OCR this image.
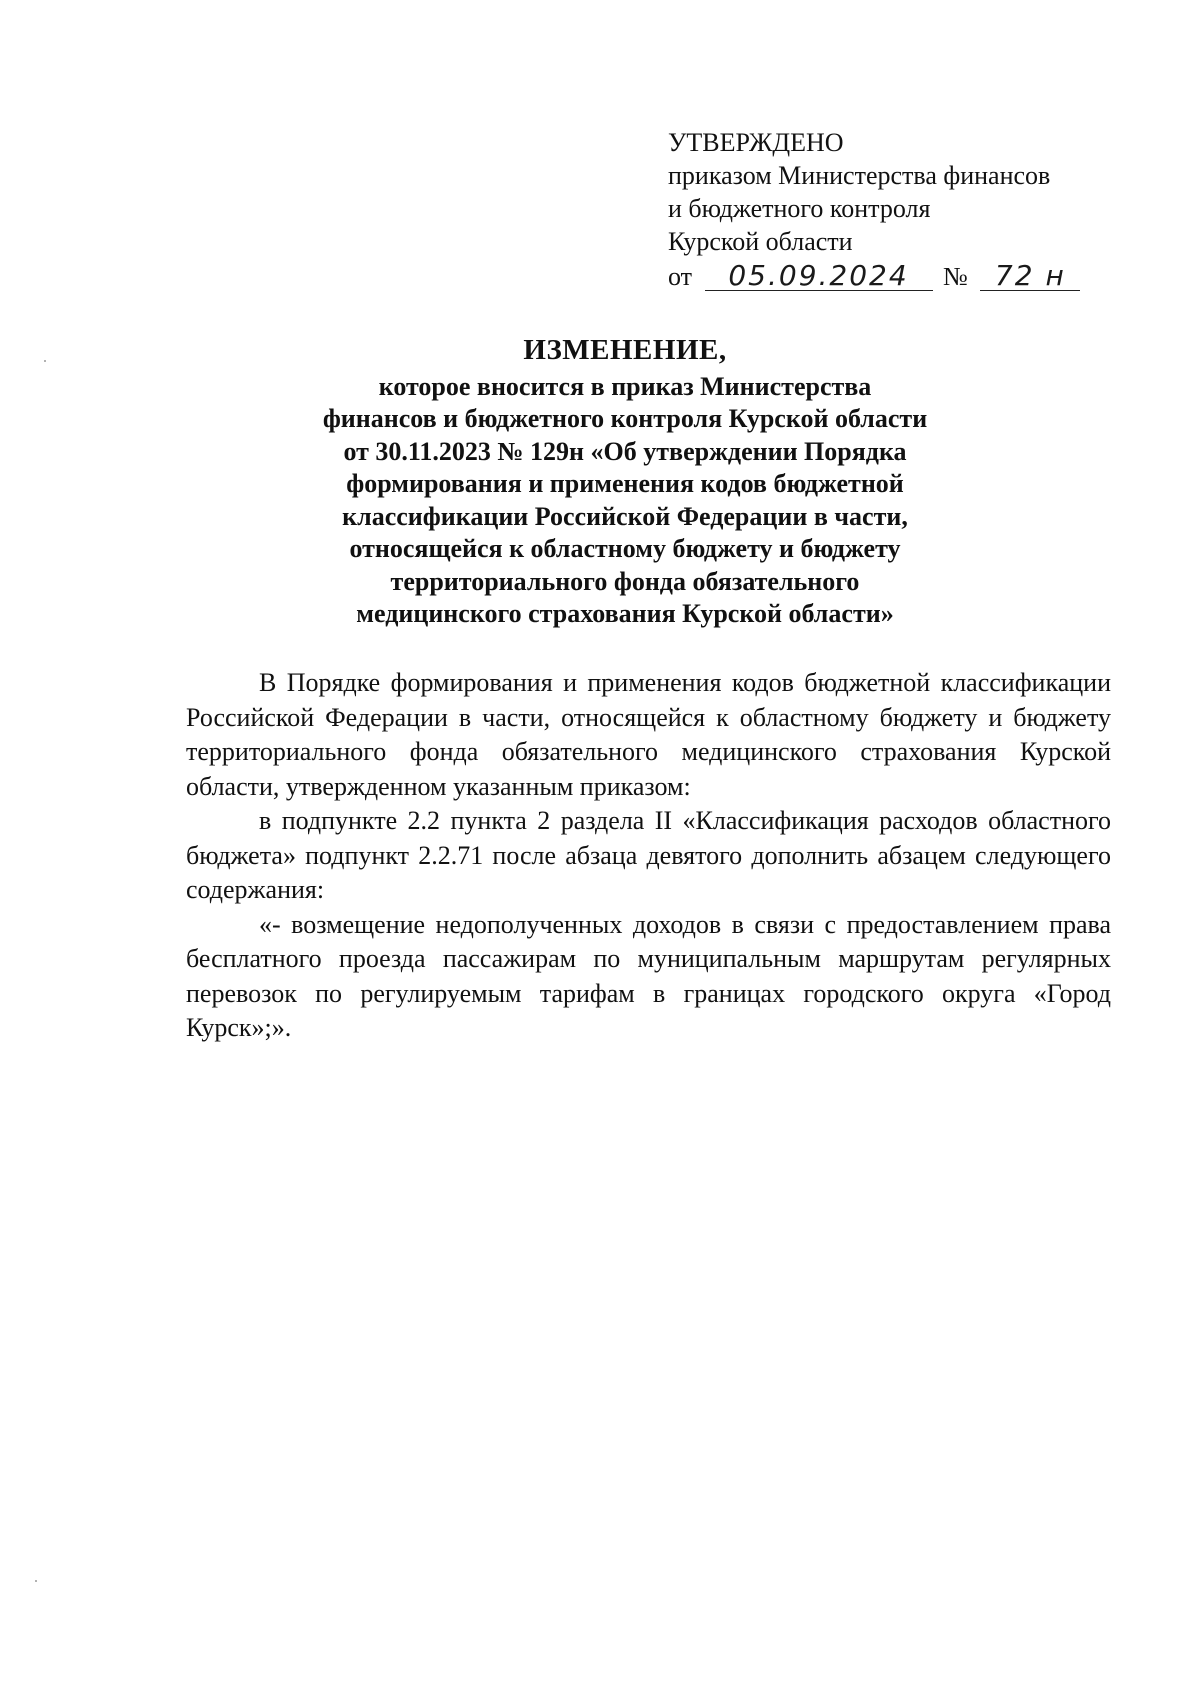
УТВЕРЖДЕНО
приказом Министерства финансов
и бюджетного контроля
Курской области
от 05.09.2024 № 72 н
ИЗМЕНЕНИЕ,
которое вносится в приказ Министерства
финансов и бюджетного контроля Курской области
от 30.11.2023 № 129н «Об утверждении Порядка
формирования и применения кодов бюджетной
классификации Российской Федерации в части,
относящейся к областному бюджету и бюджету
территориального фонда обязательного
медицинского страхования Курской области»

В Порядке формирования и применения кодов бюджетной классификации Российской Федерации в части, относящейся к областному бюджету и бюджету территориального фонда обязательного медицинского страхования Курской области, утвержденном указанным приказом:

в подпункте 2.2 пункта 2 раздела II «Классификация расходов областного бюджета» подпункт 2.2.71 после абзаца девятого дополнить абзацем следующего содержания:

«- возмещение недополученных доходов в связи с предоставлением права бесплатного проезда пассажирам по муниципальным маршрутам регулярных перевозок по регулируемым тарифам в границах городского округа «Город Курск»;».
